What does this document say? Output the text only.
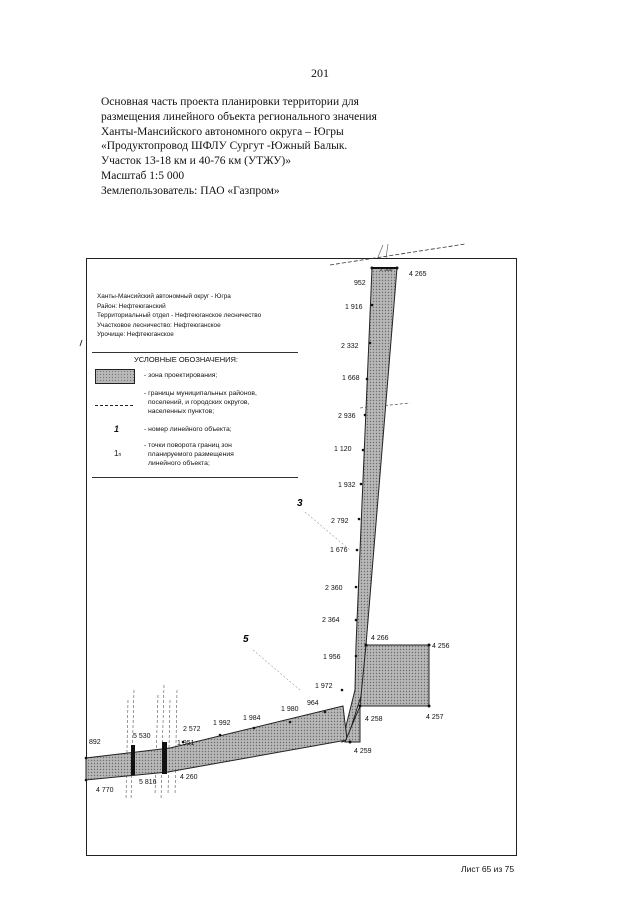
201
Основная часть проекта планировки территории для
размещения линейного объекта регионального значения
Ханты-Мансийского автономного округа – Югры
«Продуктопровод ШФЛУ Сургут -Южный Балык.
Участок 13-18 км и 40-76 км (УТЖУ)»
Масштаб 1:5 000
Землепользователь: ПАО «Газпром»
3
5
4 265
952
1 916
2 332
1 668
2 936
1 120
1 932
2 792
1 676
2 360
2 364
1 956
4 266
4 256
1 972
964
1 980
1 984
1 992
2 572
5 530
1 951
892
5 816
4 260
4 770
4 258	4 257
4 259
2 388
Ханты-Мансийский автономный округ - Югра
Район: Нефтеюганский
Территориальный отдел - Нефтеюганское лесничество
Участковое лесничество: Нефтеюганское
Урочище: Нефтеюганское
УСЛОВНЫЕ ОБОЗНАЧЕНИЯ:
- зона проектирования;
- границы муниципальных районов,
поселений, и городских округов,
населенных пунктов;
1	- номер линейного объекта;
1n
- точки поворота границ зон
планируемого размещения
линейного объекта;
Лист 65 из 75
